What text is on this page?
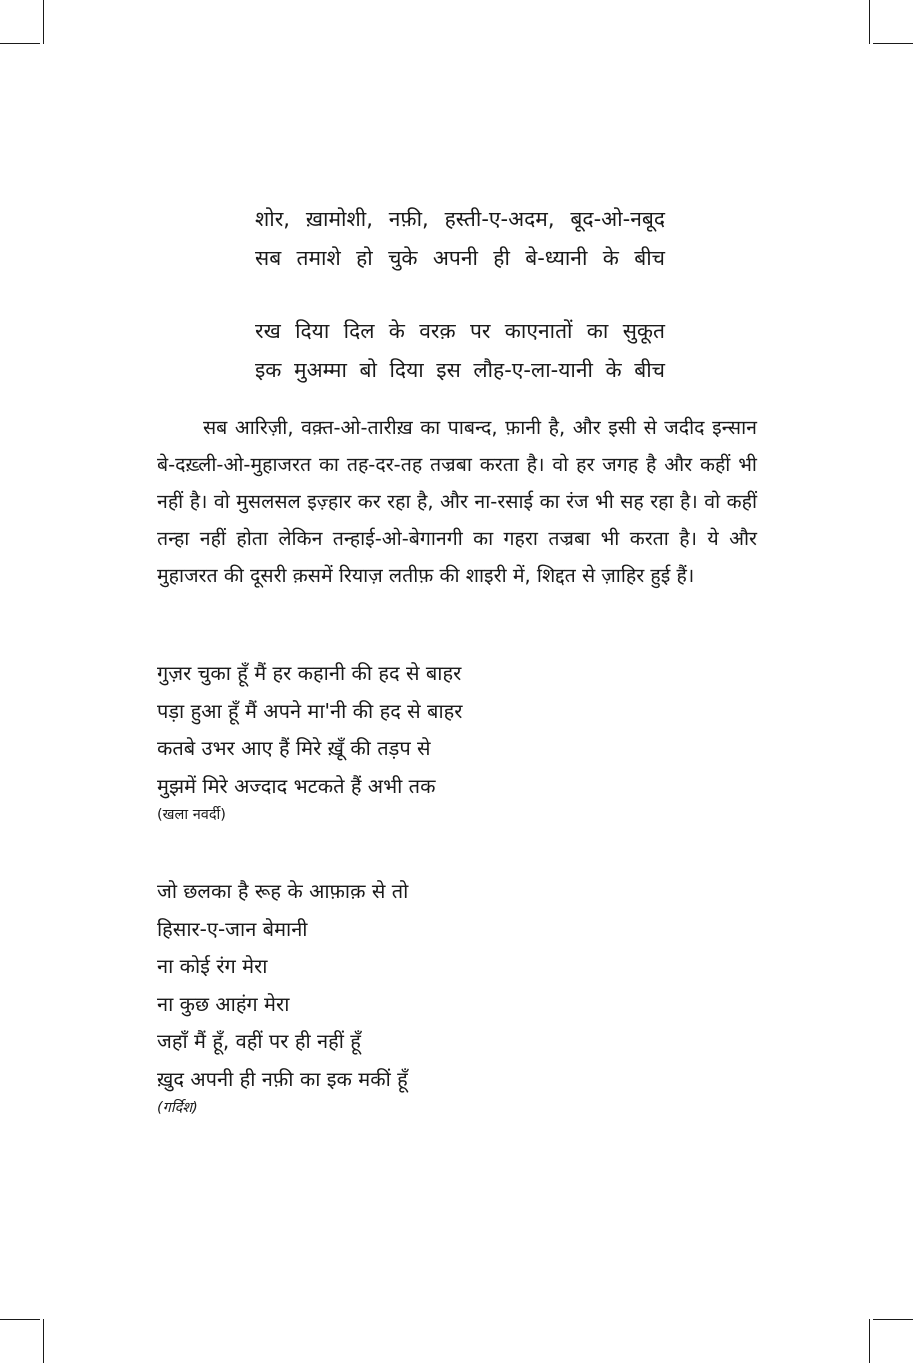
शोर, ख़ामोशी, नफ़ी, हस्ती-ए-अदम, बूद-ओ-नबूद
सब तमाशे हो चुके अपनी ही बे-ध्यानी के बीच
रख दिया दिल के वरक़ पर काएनातों का सुकूत
इक मुअम्मा बो दिया इस लौह-ए-ला-यानी के बीच

सब आरिज़ी, वक़्त-ओ-तारीख़ का पाबन्द, फ़ानी है, और इसी से जदीद इन्सान बे-दख़्ली-ओ-मुहाजरत का तह-दर-तह तज्रबा करता है। वो हर जगह है और कहीं भी नहीं है। वो मुसलसल इज़्हार कर रहा है, और ना-रसाई का रंज भी सह रहा है। वो कहीं तन्हा नहीं होता लेकिन तन्हाई-ओ-बेगानगी का गहरा तज्रबा भी करता है। ये और मुहाजरत की दूसरी क़समें रियाज़ लतीफ़ की शाइरी में, शिद्दत से ज़ाहिर हुई हैं।

गुज़र चुका हूँ मैं हर कहानी की हद से बाहर
पड़ा हुआ हूँ मैं अपने मा'नी की हद से बाहर
कतबे उभर आए हैं मिरे ख़ूँ की तड़प से
मुझमें मिरे अज्दाद भटकते हैं अभी तक
(खला नवर्दी)
जो छलका है रूह के आफ़ाक़ से तो
हिसार-ए-जान बेमानी
ना कोई रंग मेरा
ना कुछ आहंग मेरा
जहाँ मैं हूँ, वहीं पर ही नहीं हूँ
ख़ुद अपनी ही नफ़ी का इक मकीं हूँ
(गर्दिश)
